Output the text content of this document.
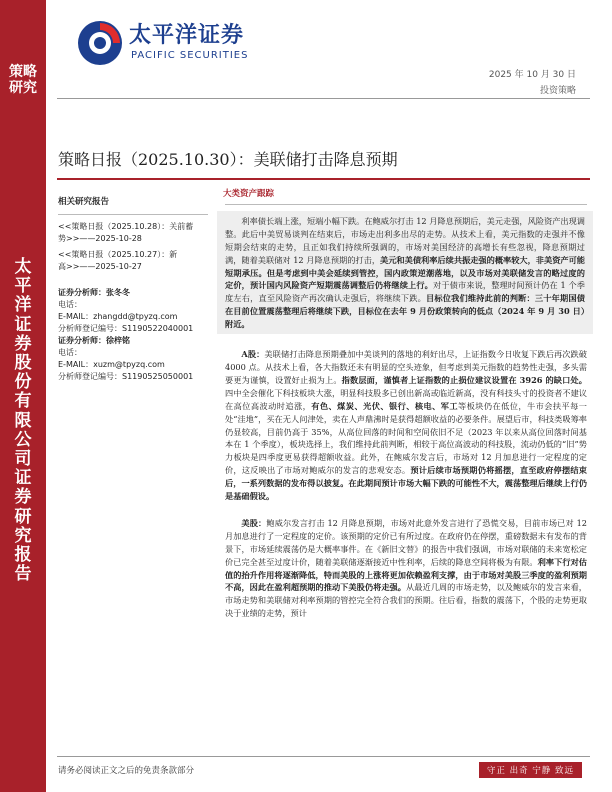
策略研究
太平洋证券股份有限公司证券研究报告
太平洋证券
PACIFIC SECURITIES
2025 年 10 月 30 日
投资策略
策略日报（2025.10.30）：美联储打击降息预期
相关研究报告
<<策略日报（2025.10.28）：关前蓄
势>>——2025-10-28
<<策略日报（2025.10.27）：新
高>>——2025-10-27
证券分析师：张冬冬
电话：
E-MAIL：zhangdd@tpyzq.com
分析师登记编号：S1190522040001
证券分析师：徐梓铭
电话：
E-MAIL：xuzm@tpyzq.com
分析师登记编号：S1190525050001
大类资产跟踪

利率债长端上涨，短端小幅下跌。在鲍威尔打击 12 月降息预期后，美元走强，风险资产出现调整。此后中美贸易谈判在结束后，市场走出利多出尽的走势。从技术上看，美元指数的走强并不像短期会结束的走势，且正如我们持续所强调的，市场对美国经济的高增长有些忽视，降息预期过满，随着美联储对 12 月降息预期的打击，美元和美债利率后续共振走强的概率较大，非美资产可能短期承压。但是考虑到中美会延续到管控，国内政策逆潮落地，以及市场对美联储发言的略过度的定价，预计国内风险资产短期震荡调整后仍将继续上行。对于债市来说，整理时间预计仍在 1 个季度左右，直至风险资产再次确认走强后，将继续下跌。目标位我们维持此前的判断：三十年期国债在目前位置震荡整理后将继续下跌，目标位在去年 9 月份政策转向的低点（2024 年 9 月 30 日）附近。

A股：美联储打击降息预期叠加中美谈判的落地的利好出尽，上证指数今日收复下跌后再次跌破 4000 点。从技术上看，各大指数还未有明显的空头迹象，但考虑到美元指数的趋势性走强，多头需要更为谨慎，设置好止损为上。指数层面，谨慎者上证指数的止损位建议设置在 3926 的缺口处。四中全会催化下科技板块大涨，明显科技股多已创出新高或临近新高，没有科技头寸的投资者不建议在高位高波动时追涨，有色、煤炭、光伏、银行、核电、军工等板块仍在低位，牛市会扶平每一处“洼地”，买在无人问津处，卖在人声鼎沸时是获得超额收益的必要条件。展望后市，科技类吸筹率仍显较高，目前仍高于 35%，从高位回落的时间和空间依旧不足（2023 年以来从高位回落时间基本在 1 个季度），板块选择上，我们维持此前判断，相较于高位高波动的科技股，流动仍低的“旧”势力板块是四季度更易获得超额收益。此外，在鲍威尔发言后，市场对 12 月加息进行一定程度的定价，这反映出了市场对鲍威尔的发言的悲观安态。预计后续市场预期仍将摇摆，直至政府停摆结束后，一系列数据的发布得以披复。在此期间预计市场大幅下跌的可能性不大，震荡整理后继续上行仍是基础假设。

美股：鲍威尔发言打击 12 月降息预期，市场对此意外发言进行了恐慌交易，目前市场已对 12 月加息进行了一定程度的定价。该预期的定价已有所过度。在政府仍在停摆，重磅数据未有发布的背景下，市场延续震荡仍是大概率事件。在《新旧文替》的报告中我们强调，市场对联储的未来宽松定价已完全甚至过度计价，随着美联储逐渐接近中性利率，后续的降息空间将极为有限。利率下行对估值的抬升作用将逐渐降低，特而美股的上涨将更加依赖盈利支撑，由于市场对美股三季度的盈利预期不高，因此在盈利超预期的推动下美股仍将走强。从最近几周的市场走势，以及鲍威尔的发言来看，市场走势和美联储对利率预期的管控完全符合我们的预期。往后看，指数的震荡下，个股的走势更取决于业绩的走势，预计

请务必阅读正文之后的免责条款部分	守正 出奇 宁静 致远
